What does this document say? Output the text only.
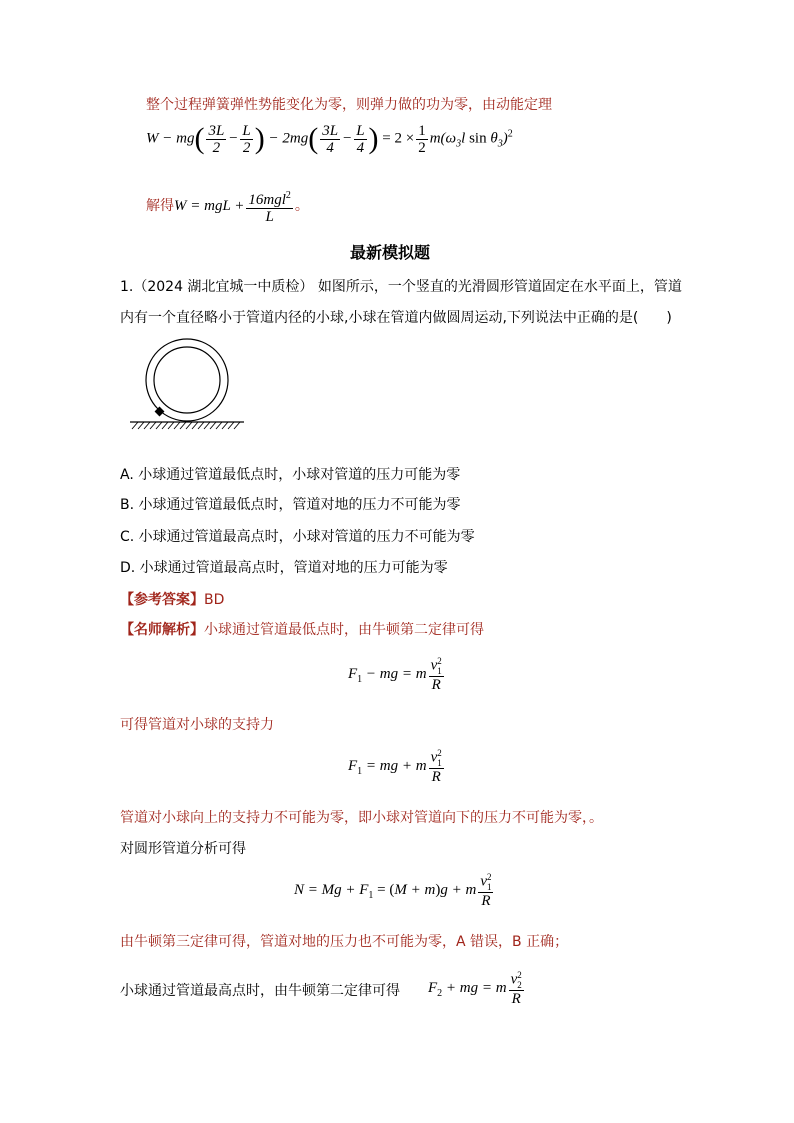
整个过程弹簧弹性势能变化为零，则弹力做的功为零，由动能定理
$W - mg( \frac{3L}{2} - \frac{L}{2}$ ) − $2mg( \frac{3L}{4} - \frac{L}{4}$ ) = $2 \times \frac{1}{2} m(\omega_3l$ $\sin \theta_3)^2$
解得W = mgL + $\frac{16mgl^2}{L}$ 。
最新模拟题
1.（2024 湖北宜城一中质检） 如图所示，一个竖直的光滑圆形管道固定在水平面上，管道
内有一个直径略小于管道内径的小球,小球在管道内做圆周运动,下列说法中正确的是(　　)
A. 小球通过管道最低点时，小球对管道的压力可能为零
B. 小球通过管道最低点时，管道对地的压力不可能为零
C. 小球通过管道最高点时，小球对管道的压力不可能为零
D. 小球通过管道最高点时，管道对地的压力可能为零
【参考答案】BD
【名师解析】小球通过管道最低点时，由牛顿第二定律可得
$F_1$ − mg = m v 2
1
R
可得管道对小球的支持力
$F_1$ = mg + m v 2
1
R
管道对小球向上的支持力不可能为零，即小球对管道向下的压力不可能为零，。
对圆形管道分析可得
$N = Mg + F_1 = (M + m)g + m$ v 2
1
R
由牛顿第三定律可得，管道对地的压力也不可能为零，A 错误，B 正确；
小球通过管道最高点时，由牛顿第二定律可得 $F_2$ + mg = m v 2
2
R
